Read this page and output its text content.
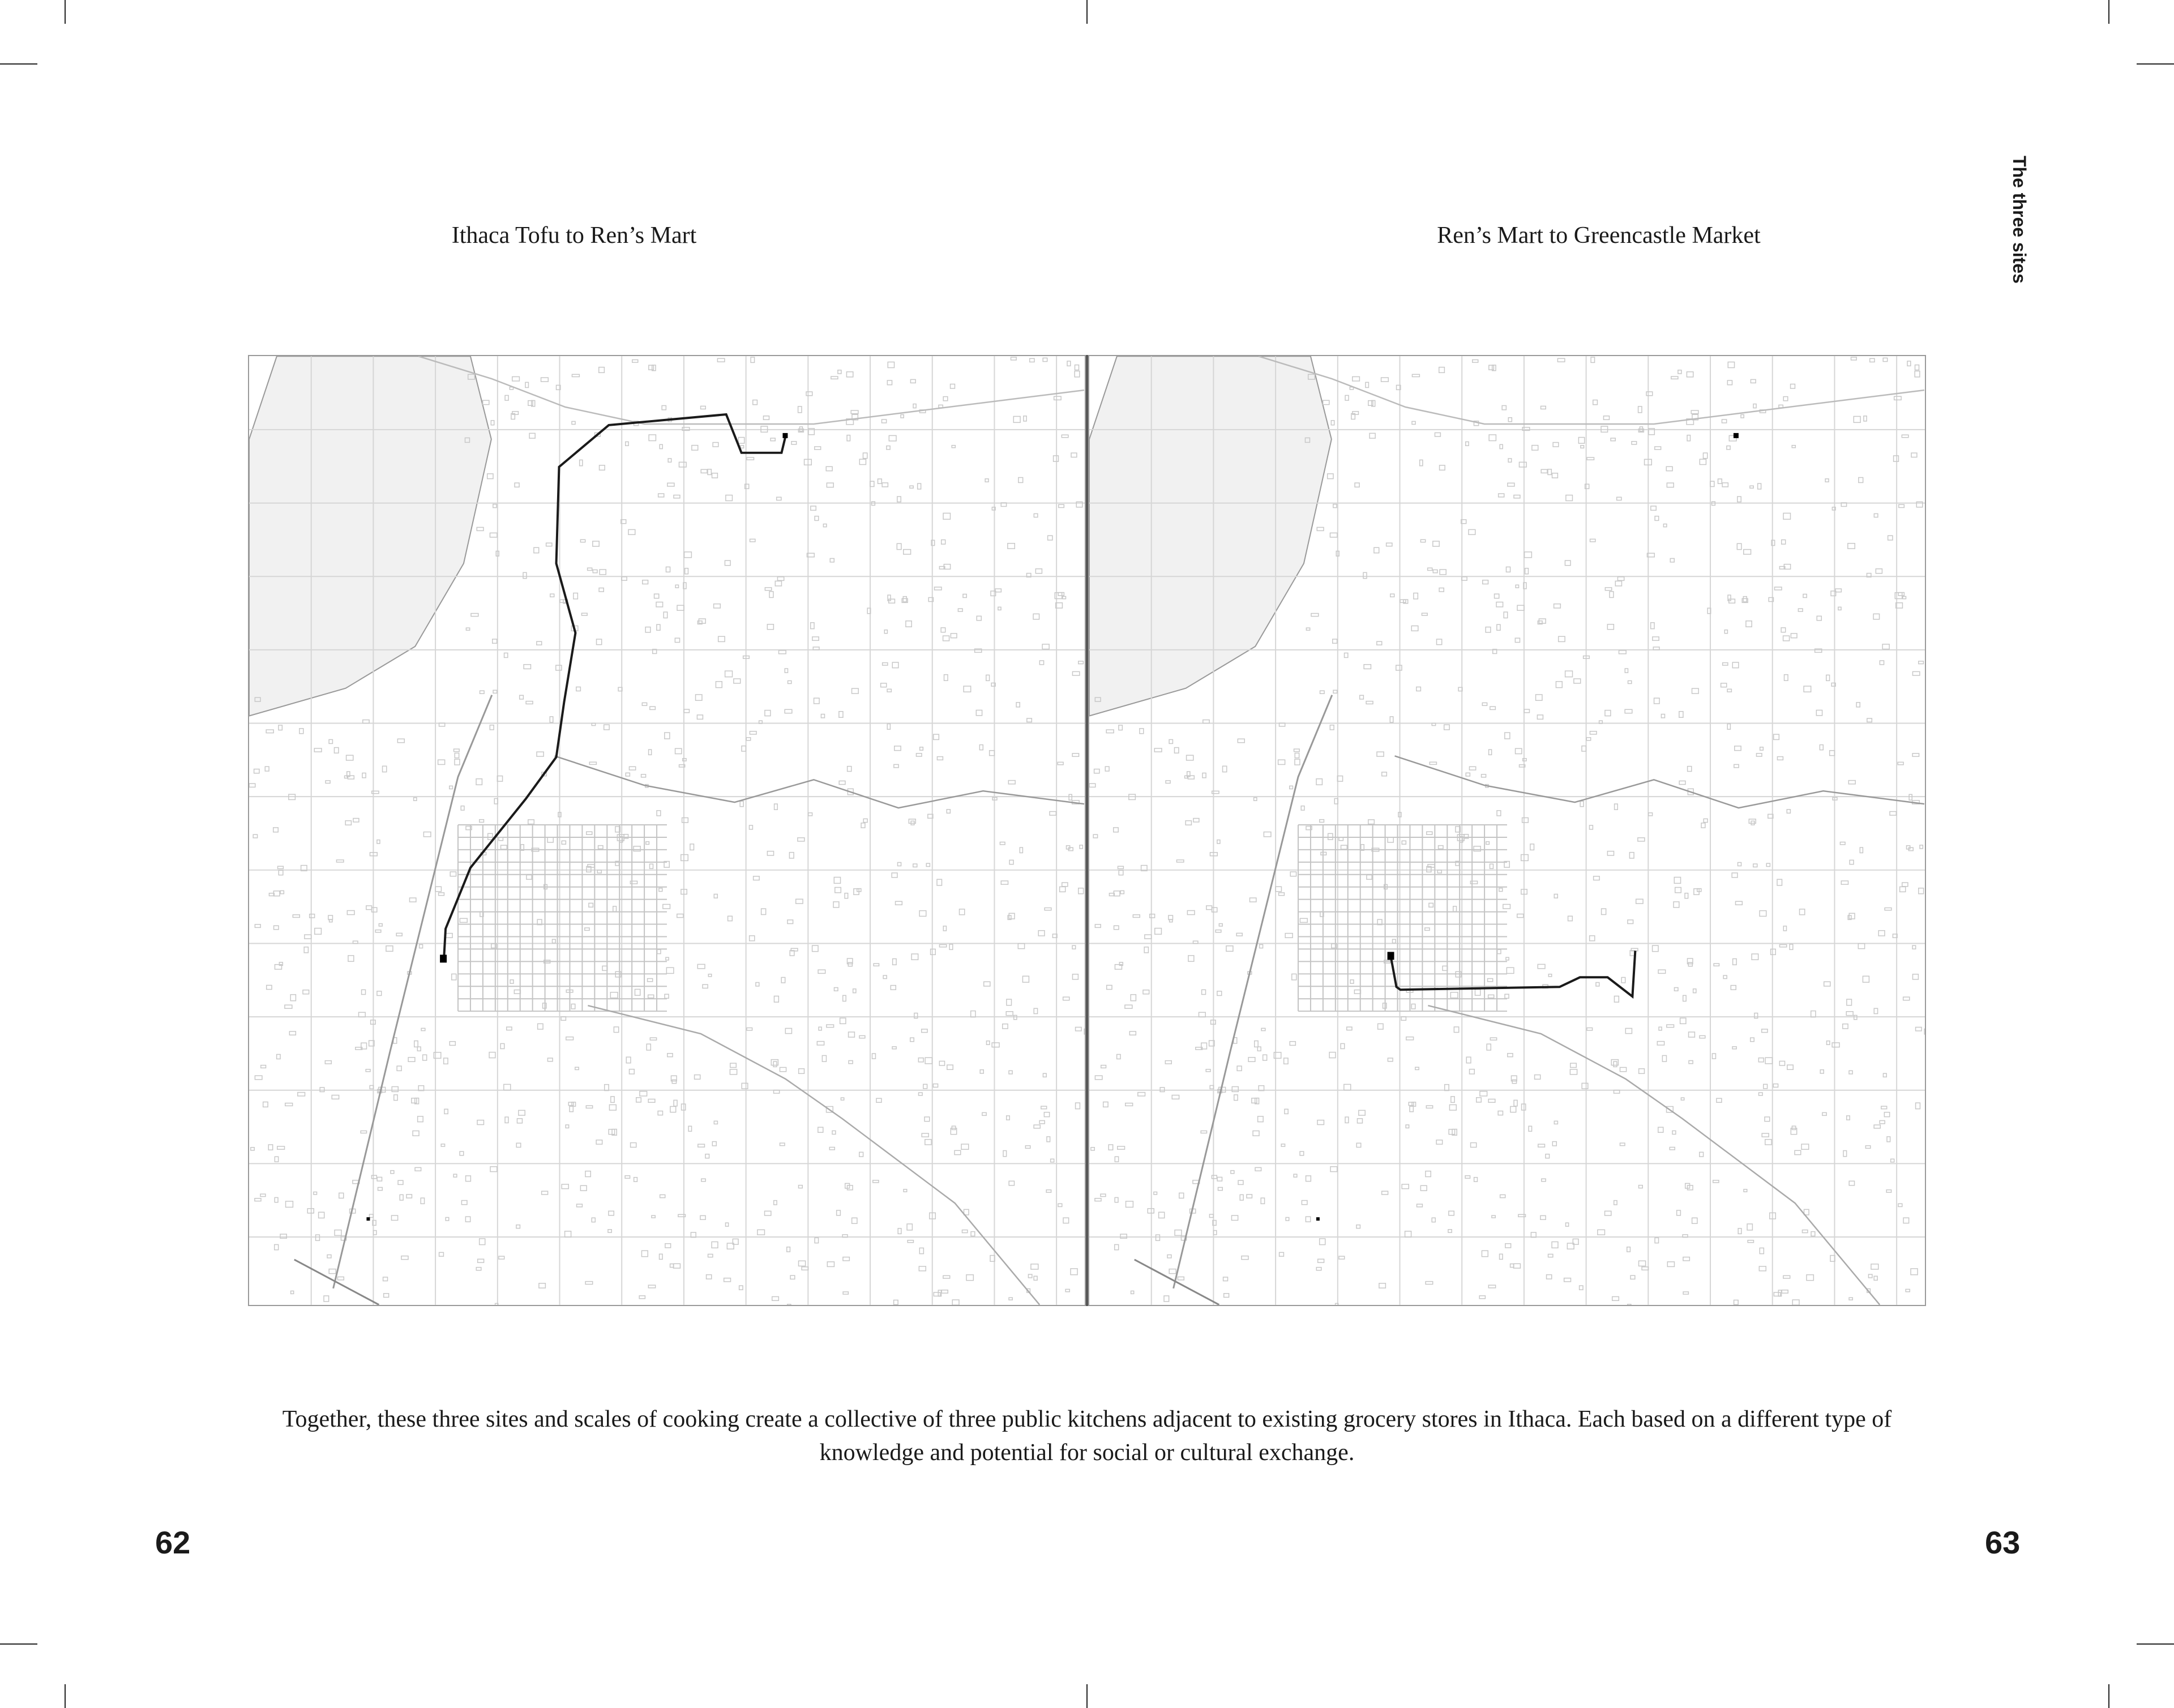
The three sites
Ithaca Tofu to Ren’s Mart	Ren’s Mart to Greencastle Market
Together, these three sites and scales of cooking create a collective of three public kitchens adjacent to existing grocery stores in Ithaca. Each based on a different type of knowledge and potential for social or cultural exchange.
62	63
